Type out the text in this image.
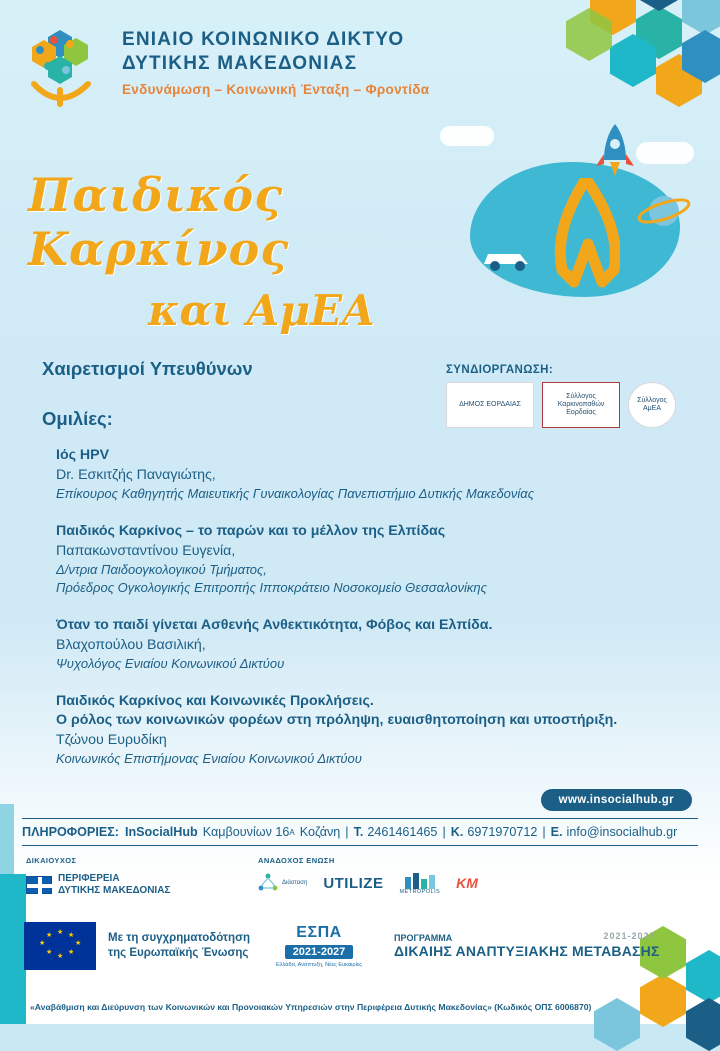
ΕΝΙΑΙΟ ΚΟΙΝΩΝΙΚΟ ΔΙΚΤΥΟ
ΔΥΤΙΚΗΣ ΜΑΚΕΔΟΝΙΑΣ
Ενδυνάμωση – Κοινωνική Ένταξη – Φροντίδα
Παιδικός Καρκίνος
και ΑμΕΑ
Χαιρετισμοί Υπευθύνων
Ομιλίες:
ΣΥΝΔΙΟΡΓΑΝΩΣΗ:
ΔΗΜΟΣ ΕΟΡΔΑΙΑΣ
Σύλλογος Καρκινοπαθών Εορδαίας
Σύλλογος ΑμΕΑ
Ιός HPV
Dr. Εσκιτζής Παναγιώτης,
Επίκουρος Καθηγητής Μαιευτικής Γυναικολογίας Πανεπιστήμιο Δυτικής Μακεδονίας
Παιδικός Καρκίνος – το παρών και το μέλλον της Ελπίδας
Παπακωνσταντίνου Ευγενία,
Δ/ντρια Παιδοογκολογικού Τμήματος,
Πρόεδρος Ογκολογικής Επιτροπής Ιπποκράτειο Νοσοκομείο Θεσσαλονίκης
Όταν το παιδί γίνεται Ασθενής Ανθεκτικότητα, Φόβος και Ελπίδα.
Βλαχοπούλου Βασιλική,
Ψυχολόγος Ενιαίου Κοινωνικού Δικτύου
Παιδικός Καρκίνος και Κοινωνικές Προκλήσεις.
Ο ρόλος των κοινωνικών φορέων στη πρόληψη, ευαισθητοποίηση και υποστήριξη.
Τζώνου Ευρυδίκη
Κοινωνικός Επιστήμονας Ενιαίου Κοινωνικού Δικτύου
www.insocialhub.gr
ΠΛΗΡΟΦΟΡΙΕΣ: InSocialHub Καμβουνίων 16 Α Κοζάνη | Τ. 2461461465 | Κ. 6971970712 | E. info@insocialhub.gr
ΔΙΚΑΙΟΥΧΟΣ
ΠΕΡΙΦΕΡΕΙΑ
ΔΥΤΙΚΗΣ ΜΑΚΕΔΟΝΙΑΣ
ΑΝΑΔΟΧΟΣ ΕΝΩΣΗ
Διάσταση UTILIZE
METROPOLIS
KM
★ ★
★
★
★
★
★
★	Με τη συγχρηματοδότηση
της Ευρωπαϊκής Ένωσης
ΕΣΠΑ
2021-2027
Ελλάδα, Ανάπτυξη, Νέες Ευκαιρίες
ΠΡΟΓΡΑΜΜΑ
ΔΙΚΑΙΗΣ ΑΝΑΠΤΥΞΙΑΚΗΣ ΜΕΤΑΒΑΣΗΣ
2021-2027
«Αναβάθμιση και Διεύρυνση των Κοινωνικών και Προνοιακών Υπηρεσιών στην Περιφέρεια Δυτικής Μακεδονίας» (Κωδικός ΟΠΣ 6006870)
